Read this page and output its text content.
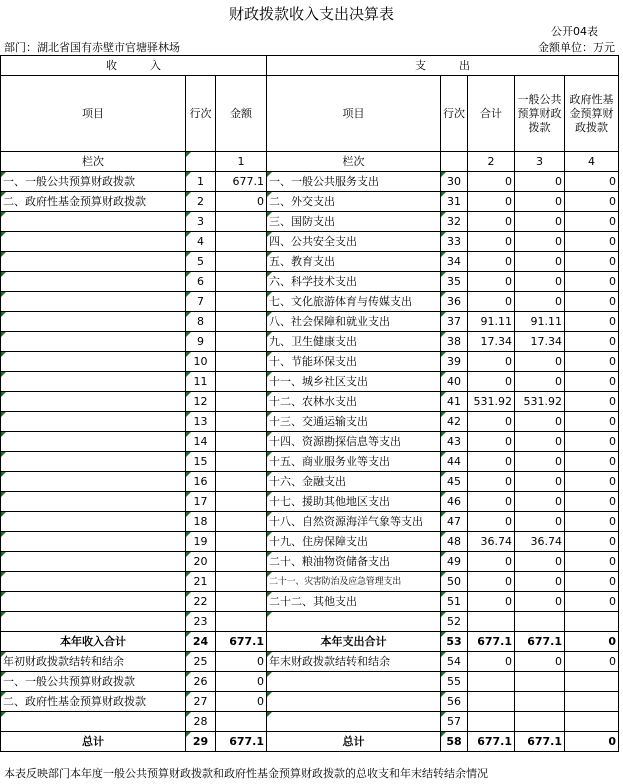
财政拨款收入支出决算表
公开04表
部门：湖北省国有赤壁市官塘驿林场	金额单位：万元
收　　　入			支　　　出				
项目	行次	金额	项目	行次	合计	一般公共预算财政拨款	政府性基金预算财政拨款
栏次		1	栏次		2	3	4
一、一般公共预算财政拨款	1	677.1	一、一般公共服务支出	30	0	0	0
二、政府性基金预算财政拨款	2	0	二、外交支出	31	0	0	0
	3		三、国防支出	32	0	0	0
	4		四、公共安全支出	33	0	0	0
	5		五、教育支出	34	0	0	0
	6		六、科学技术支出	35	0	0	0
	7		七、文化旅游体育与传媒支出	36	0	0	0
	8		八、社会保障和就业支出	37	91.11	91.11	0
	9		九、卫生健康支出	38	17.34	17.34	0
	10		十、节能环保支出	39	0	0	0
	11		十一、城乡社区支出	40	0	0	0
	12		十二、农林水支出	41	531.92	531.92	0
	13		十三、交通运输支出	42	0	0	0
	14		十四、资源勘探信息等支出	43	0	0	0
	15		十五、商业服务业等支出	44	0	0	0
	16		十六、金融支出	45	0	0	0
	17		十七、援助其他地区支出	46	0	0	0
	18		十八、自然资源海洋气象等支出	47	0	0	0
	19		十九、住房保障支出	48	36.74	36.74	0
	20		二十、粮油物资储备支出	49	0	0	0
	21		二十一、灾害防治及应急管理支出	50	0	0	0
	22		二十二、其他支出	51	0	0	0
	23			52			
本年收入合计	24	677.1	本年支出合计	53	677.1	677.1	0
年初财政拨款结转和结余	25	0	年末财政拨款结转和结余	54	0	0	0
一、一般公共预算财政拨款	26	0		55			
二、政府性基金预算财政拨款	27	0		56			
	28			57			
总计	29	677.1	总计	58	677.1	677.1	0
本表反映部门本年度一般公共预算财政拨款和政府性基金预算财政拨款的总收支和年末结转结余情况
